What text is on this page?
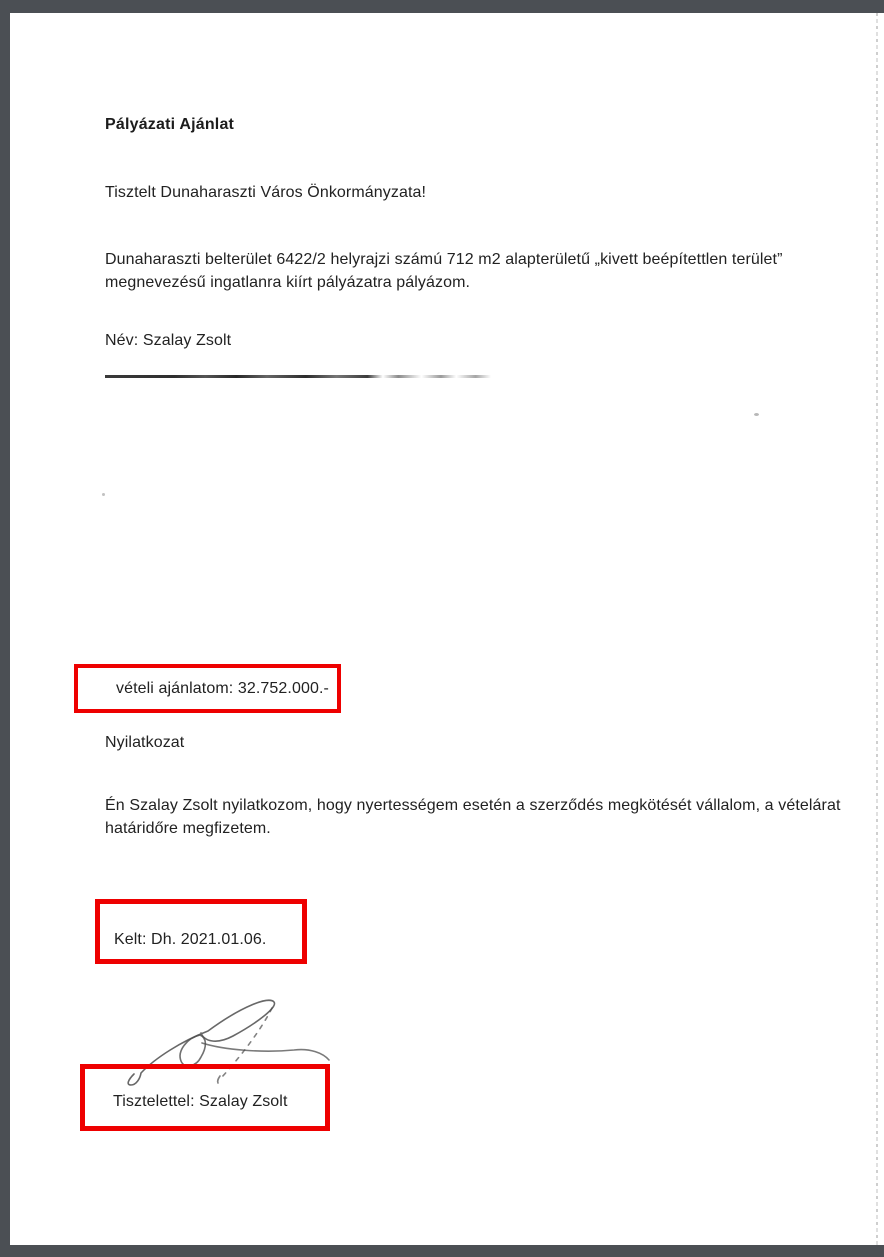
Pályázati Ajánlat
Tisztelt Dunaharaszti Város Önkormányzata!
Dunaharaszti belterület 6422/2 helyrajzi számú 712 m2 alapterületű „kivett beépítettlen terület”
megnevezésű ingatlanra kiírt pályázatra pályázom.
Név: Szalay Zsolt
vételi ajánlatom: 32.752.000.-
Nyilatkozat
Én Szalay Zsolt nyilatkozom, hogy nyertességem esetén a szerződés megkötését vállalom, a vételárat
határidőre megfizetem.
Kelt: Dh. 2021.01.06.
Tisztelettel: Szalay Zsolt
